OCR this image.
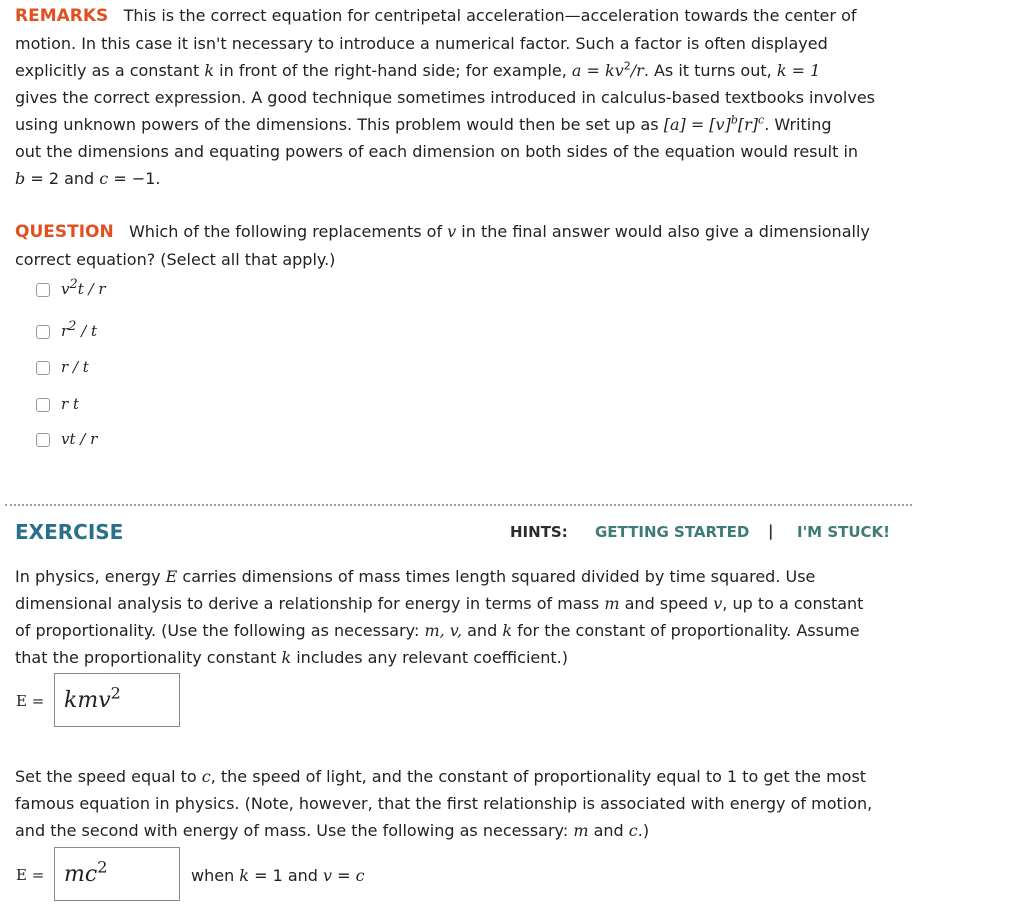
REMARKS This is the correct equation for centripetal acceleration—acceleration towards the center of
motion. In this case it isn't necessary to introduce a numerical factor. Such a factor is often displayed
explicitly as a constant k in front of the right-hand side; for example, $a = kv^2/r$. As it turns out, k = 1
gives the correct expression. A good technique sometimes introduced in calculus-based textbooks involves
using unknown powers of the dimensions. This problem would then be set up as $[a] = [v]^b[r]^c$. Writing
out the dimensions and equating powers of each dimension on both sides of the equation would result in
b = 2 and c = −1.
QUESTION Which of the following replacements of v in the final answer would also give a dimensionally
correct equation? (Select all that apply.)
$v^2t$ / r
$r^2$ / t
r / t
r t
vt / r
EXERCISE	HINTS: GETTING STARTED | I'M STUCK!
In physics, energy E carries dimensions of mass times length squared divided by time squared. Use
dimensional analysis to derive a relationship for energy in terms of mass m and speed v, up to a constant
of proportionality. (Use the following as necessary: m, v, and k for the constant of proportionality. Assume
that the proportionality constant k includes any relevant coefficient.)
E = kmv$^2$
Set the speed equal to c, the speed of light, and the constant of proportionality equal to 1 to get the most
famous equation in physics. (Note, however, that the first relationship is associated with energy of motion,
and the second with energy of mass. Use the following as necessary: m and c.)
$E = mc^2$	when k = 1 and v = c
